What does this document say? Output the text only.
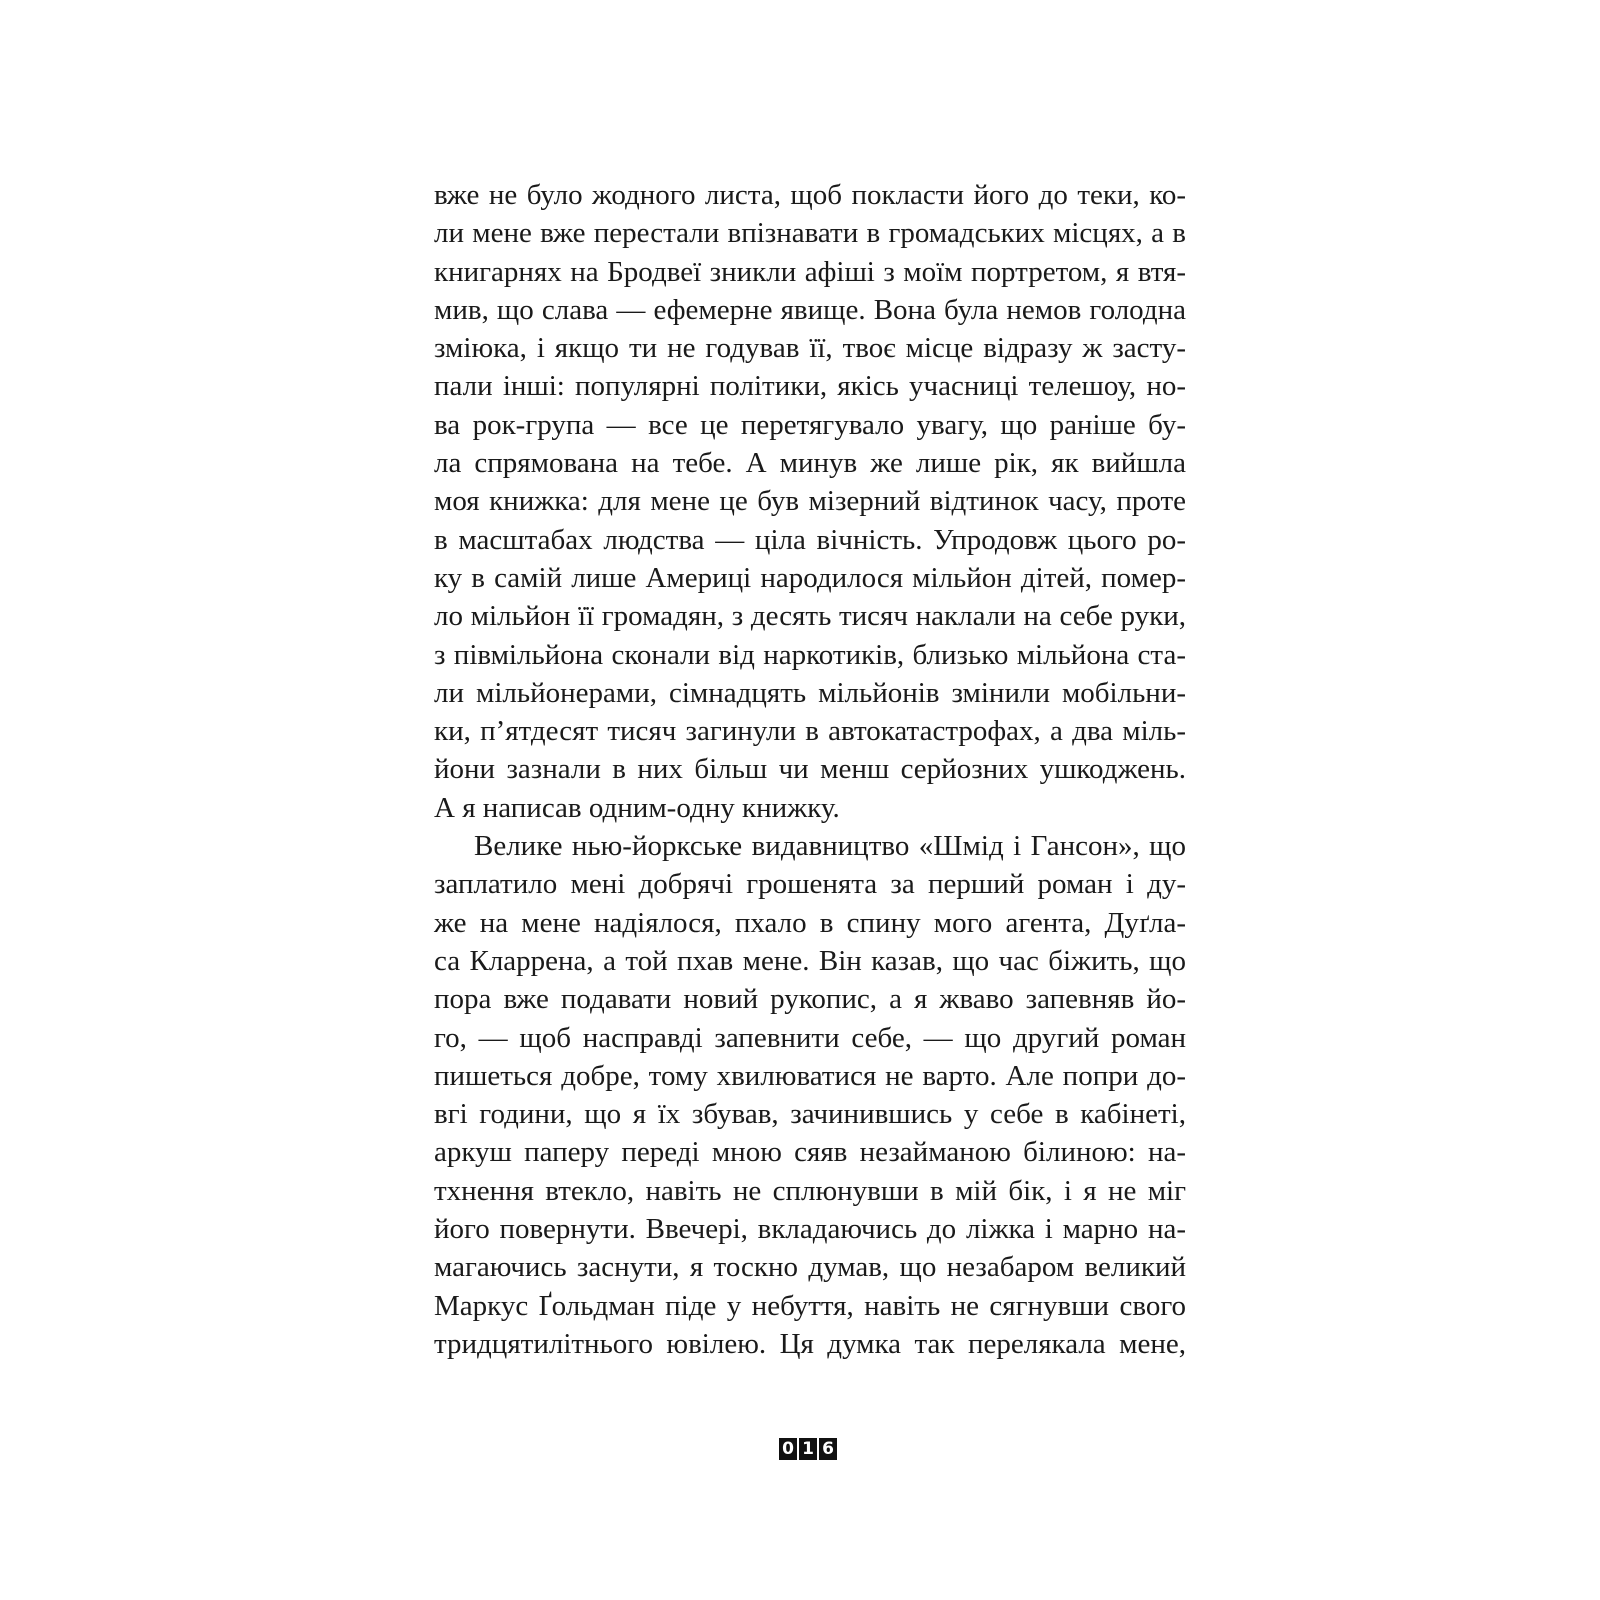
вже не було жодного листа, щоб покласти його до теки, ко-
ли мене вже перестали впізнавати в громадських місцях, а в
книгарнях на Бродвеї зникли афіші з моїм портретом, я втя-
мив, що слава — ефемерне явище. Вона була немов голодна
змiюка, і якщо ти не годував її, твоє місце відразу ж засту-
пали інші: популярні політики, якісь учасниці телешоу, но-
ва рок-група — все це перетягувало увагу, що раніше бу-
ла спрямована на тебе. А минув же лише рік, як вийшла
моя книжка: для мене це був мізерний відтинок часу, проте
в масштабах людства — ціла вічність. Упродовж цього ро-
ку в самій лише Америці народилося мільйон дітей, помер-
ло мільйон її громадян, з десять тисяч наклали на себе руки,
з півмільйона сконали від наркотиків, близько мільйона ста-
ли мільйонерами, сімнадцять мільйонів змінили мобільни-
ки, п’ятдесят тисяч загинули в автокатастрофах, а два міль-
йони зазнали в них більш чи менш серйозних ушкоджень.
А я написав одним-одну книжку.
Велике нью-йоркське видавництво «Шмід і Гансон», що
заплатило мені добрячі грошенята за перший роман і ду-
же на мене надіялося, пхало в спину мого агента, Дуґла-
са Кларрена, а той пхав мене. Він казав, що час біжить, що
пора вже подавати новий рукопис, а я жваво запевняв йо-
го, — щоб насправді запевнити себе, — що другий роман
пишеться добре, тому хвилюватися не варто. Але попри до-
вгі години, що я їх збував, зачинившись у себе в кабінеті,
аркуш паперу переді мною сяяв незайманою білиною: на-
тхнення втекло, навіть не сплюнувши в мій бік, і я не міг
його повернути. Ввечері, вкладаючись до ліжка і марно на-
магаючись заснути, я тоскно думав, що незабаром великий
Маркус Ґольдман піде у небуття, навіть не сягнувши свого
тридцятилітнього ювілею. Ця думка так перелякала мене,
0 1 6
